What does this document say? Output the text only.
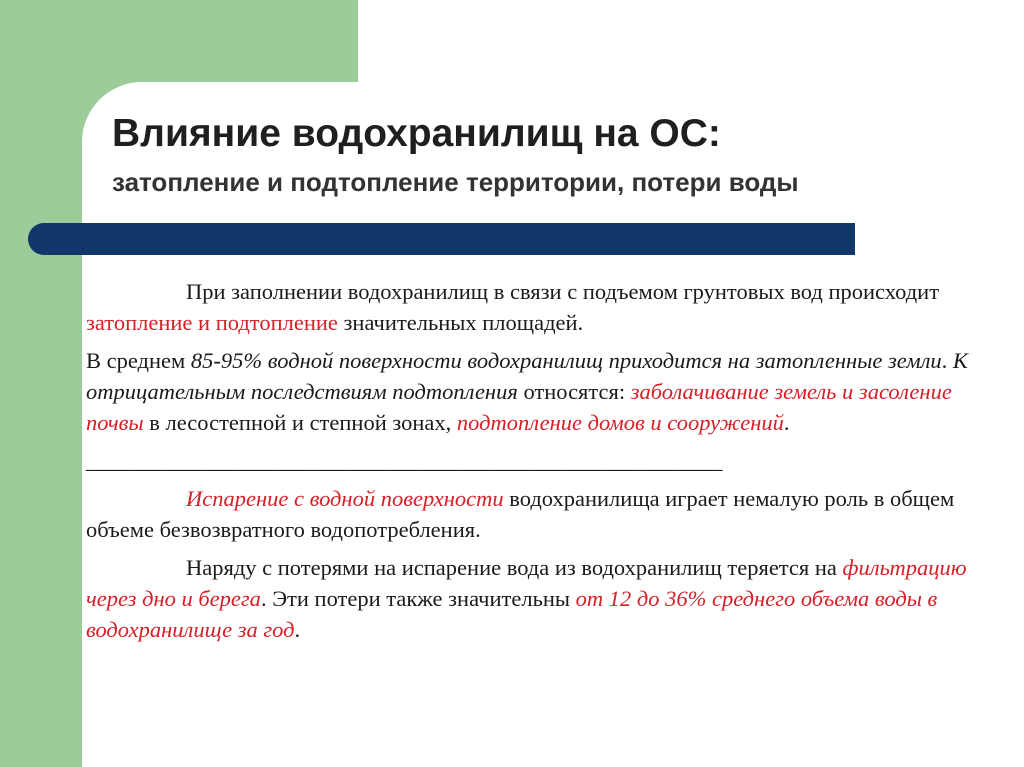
Влияние водохранилищ на ОС:
затопление и подтопление территории, потери воды

При заполнении водохранилищ в связи с подъемом грунтовых вод происходит затопление и подтопление значительных площадей.

В среднем 85-95% водной поверхности водохранилищ приходится на затопленные земли. К отрицательным последствиям подтопления относятся: заболачивание земель и засоление почвы в лесостепной и степной зонах, подтопление домов и сооружений.

______________________________________________________________

Испарение с водной поверхности водохранилища играет немалую роль в общем объеме безвозвратного водопотребления.

Наряду с потерями на испарение вода из водохранилищ теряется на фильтрацию через дно и берега. Эти потери также значительны от 12 до 36% среднего объема воды в водохранилище за год.
